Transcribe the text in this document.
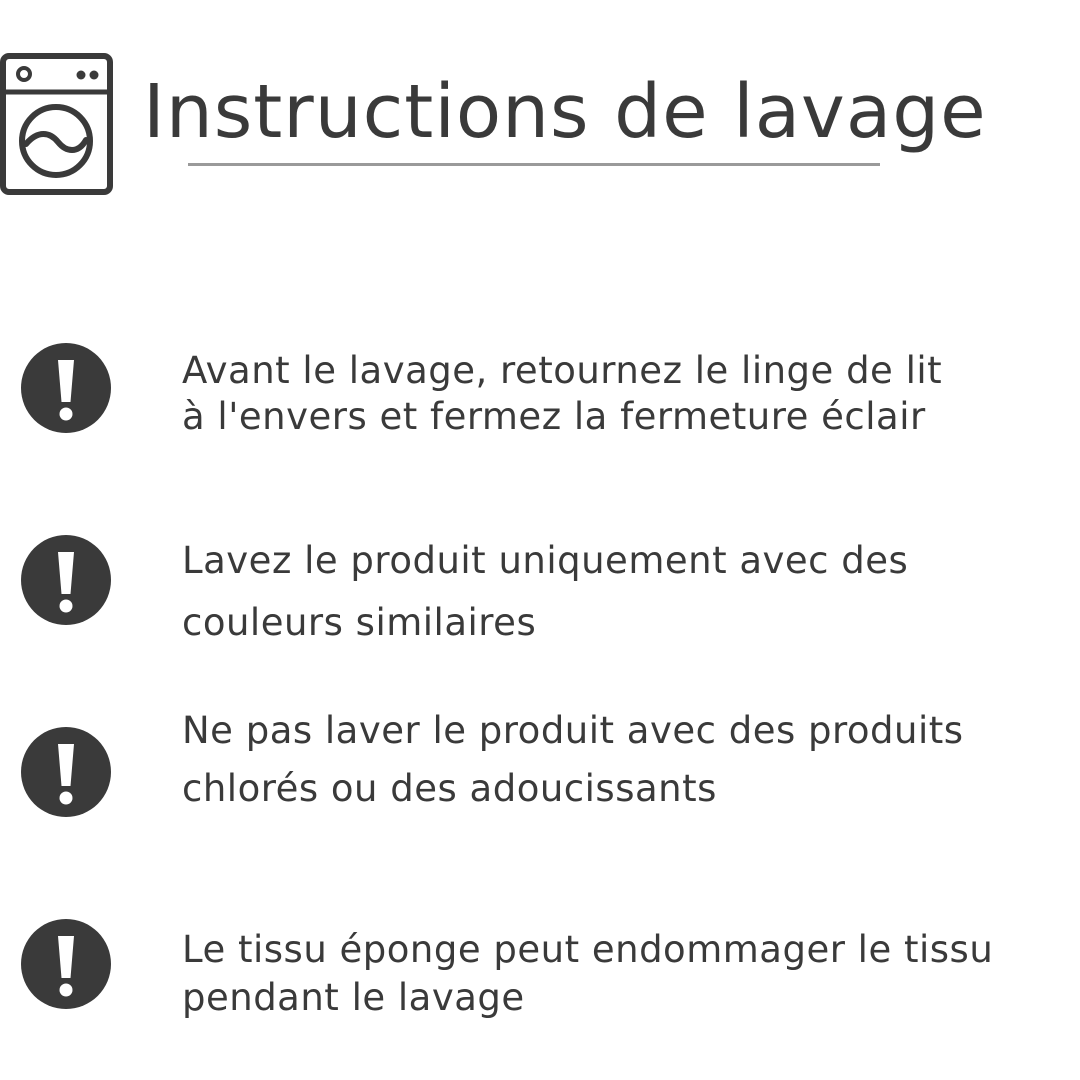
Instructions de lavage

Avant le lavage, retournez le linge de lit
à l'envers et fermez la fermeture éclair

Lavez le produit uniquement avec des
couleurs similaires

Ne pas laver le produit avec des produits
chlorés ou des adoucissants

Le tissu éponge peut endommager le tissu
pendant le lavage
